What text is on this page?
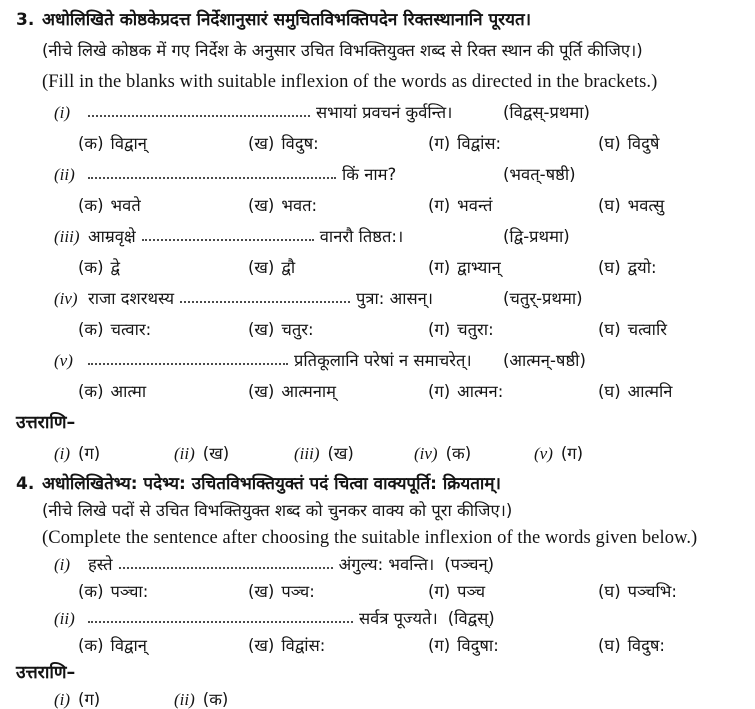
3. अधोलिखिते कोष्ठकेप्रदत्त निर्देशानुसारं समुचितविभक्तिपदेन रिक्तस्थानानि पूरयत।
(नीचे लिखे कोष्ठक में गए निर्देश के अनुसार उचित विभक्तियुक्त शब्द से रिक्त स्थान की पूर्ति कीजिए।)
(Fill in the blanks with suitable inflexion of the words as directed in the brackets.)
(i)	सभायां प्रवचनं कुर्वन्ति।	(विद्वस्-प्रथमा)
(क) विद्वान्	(ख) विदुष:	(ग) विद्वांस:	(घ) विदुषे
(ii)	किं नाम?	(भवत्-षष्ठी)
(क) भवते	(ख) भवत:	(ग) भवन्तं	(घ) भवत्सु
(iii) आम्रवृक्षे	वानरौ तिष्ठत:।	(द्वि-प्रथमा)
(क) द्वे	(ख) द्वौ	(ग) द्वाभ्यान्	(घ) द्वयो:
(iv) राजा दशरथस्य	पुत्रा: आसन्।	(चतुर्-प्रथमा)
(क) चत्वार:	(ख) चतुर:	(ग) चतुरा:	(घ) चत्वारि
(v)	प्रतिकूलानि परेषां न समाचरेत्। (आत्मन्-षष्ठी)
(क) आत्मा	(ख) आत्मनाम्	(ग) आत्मन:	(घ) आत्मनि
उत्तराणि–
(i) (ग)	(ii) (ख)	(iii) (ख)	(iv) (क)	(v) (ग)
4. अधोलिखितेभ्य: पदेभ्य: उचितविभक्तियुक्तं पदं चित्वा वाक्यपूर्ति: क्रियताम्।
(नीचे लिखे पदों से उचित विभक्तियुक्त शब्द को चुनकर वाक्य को पूरा कीजिए।)
(Complete the sentence after choosing the suitable inflexion of the words given below.)
(i)	हस्ते	अंगुल्य: भवन्ति। (पञ्चन्)
(क) पञ्चा:	(ख) पञ्च:	(ग) पञ्च	(घ) पञ्चभि:
(ii)	सर्वत्र पूज्यते। (विद्वस्)
(क) विद्वान्	(ख) विद्वांस:	(ग) विदुषा:	(घ) विदुष:
उत्तराणि–
(i) (ग)	(ii) (क)
